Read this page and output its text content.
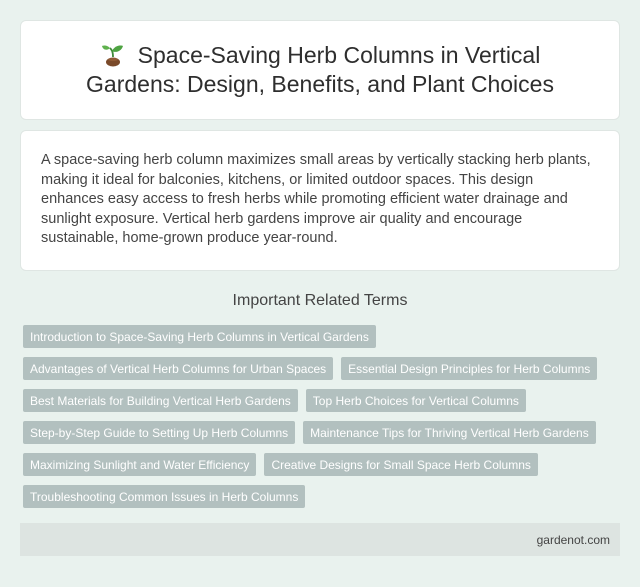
Space-Saving Herb Columns in Vertical Gardens: Design, Benefits, and Plant Choices

A space-saving herb column maximizes small areas by vertically stacking herb plants, making it ideal for balconies, kitchens, or limited outdoor spaces. This design enhances easy access to fresh herbs while promoting efficient water drainage and sunlight exposure. Vertical herb gardens improve air quality and encourage sustainable, home-grown produce year-round.

Important Related Terms
Introduction to Space-Saving Herb Columns in Vertical Gardens
Advantages of Vertical Herb Columns for Urban Spaces	Essential Design Principles for Herb Columns
Best Materials for Building Vertical Herb Gardens	Top Herb Choices for Vertical Columns
Step-by-Step Guide to Setting Up Herb Columns	Maintenance Tips for Thriving Vertical Herb Gardens
Maximizing Sunlight and Water Efficiency	Creative Designs for Small Space Herb Columns
Troubleshooting Common Issues in Herb Columns
gardenot.com
